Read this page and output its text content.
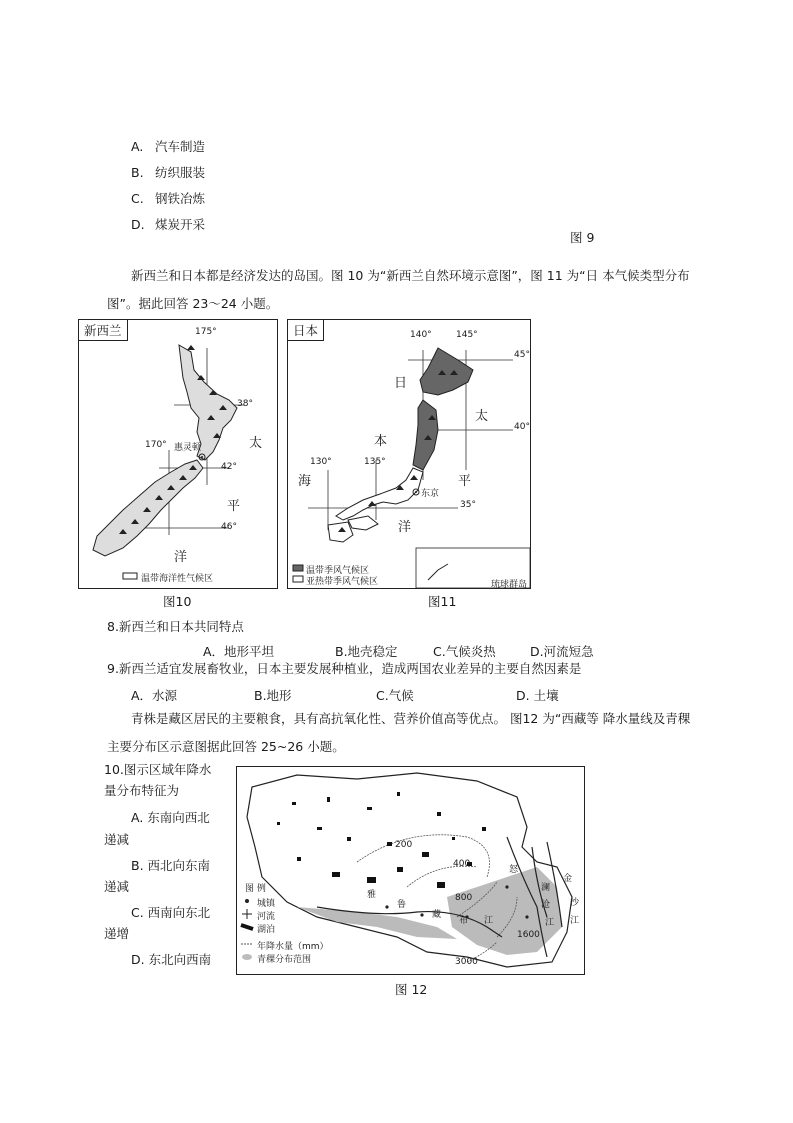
A. 汽车制造
B. 纺织服装
C. 钢铁冶炼
D. 煤炭开采
图 9
新西兰和日本都是经济发达的岛国。图 10 为“新西兰自然环境示意图”，图 11 为“日 本气候类型分布图”。据此回答 23～24 小题。
新西兰	175°
170°
38°
42°
46°
惠灵顿	太
平
洋
温带海洋性气候区
图10
日本	140°	145°
130°	135°
45°
40°
35°
日
本
海
太
平
洋
东京
温带季风气候区
亚热带季风气候区	琉球群岛
图11
8.新西兰和日本共同特点
A．地形平坦	B.地壳稳定	C.气候炎热	D.河流短急
9.新西兰适宜发展畜牧业，日本主要发展种植业，造成两国农业差异的主要自然因素是
A．水源	B.地形	C.气候	D. 土壤
青株是藏区居民的主要粮食，具有高抗氧化性、营养价值高等优点。 图12 为“西藏等 降水量线及青稞主要分布区示意图据此回答 25~26 小题。
10.图示区域年降水
量分布特征为
A. 东南向西北
递减
B. 西北向东南
递减
C. 西南向东北
递增
D. 东北向西南
200
400
800
1600
3000
雅
鲁
藏
布 江
怒
澜
沧
江
金
沙
江
图 例
城镇
河流
湖泊
年降水量（mm）
青稞分布范围
图 12
